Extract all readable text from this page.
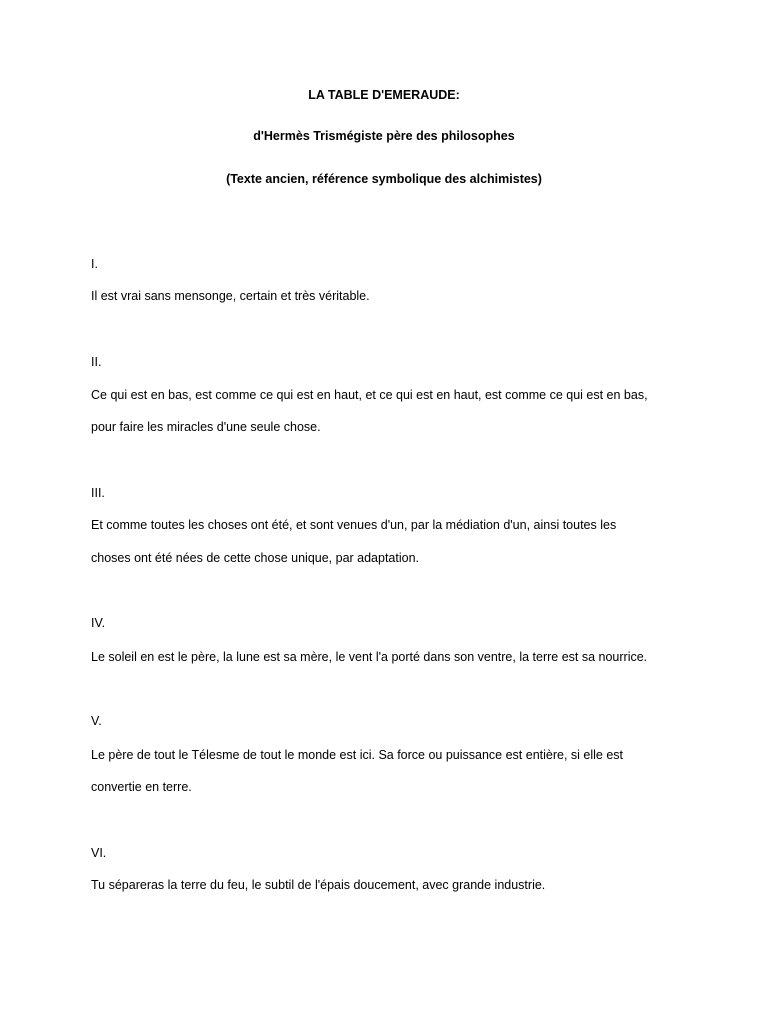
LA TABLE D'EMERAUDE:
d'Hermès Trismégiste père des philosophes
(Texte ancien, référence symbolique des alchimistes)
I.
Il est vrai sans mensonge, certain et très véritable.
II.
Ce qui est en bas, est comme ce qui est en haut, et ce qui est en haut, est comme ce qui est en bas,
pour faire les miracles d'une seule chose.
III.
Et comme toutes les choses ont été, et sont venues d'un, par la médiation d'un, ainsi toutes les
choses ont été nées de cette chose unique, par adaptation.
IV.
Le soleil en est le père, la lune est sa mère, le vent l'a porté dans son ventre, la terre est sa nourrice.
V.
Le père de tout le Télesme de tout le monde est ici. Sa force ou puissance est entière, si elle est
convertie en terre.
VI.
Tu sépareras la terre du feu, le subtil de l'épais doucement, avec grande industrie.
